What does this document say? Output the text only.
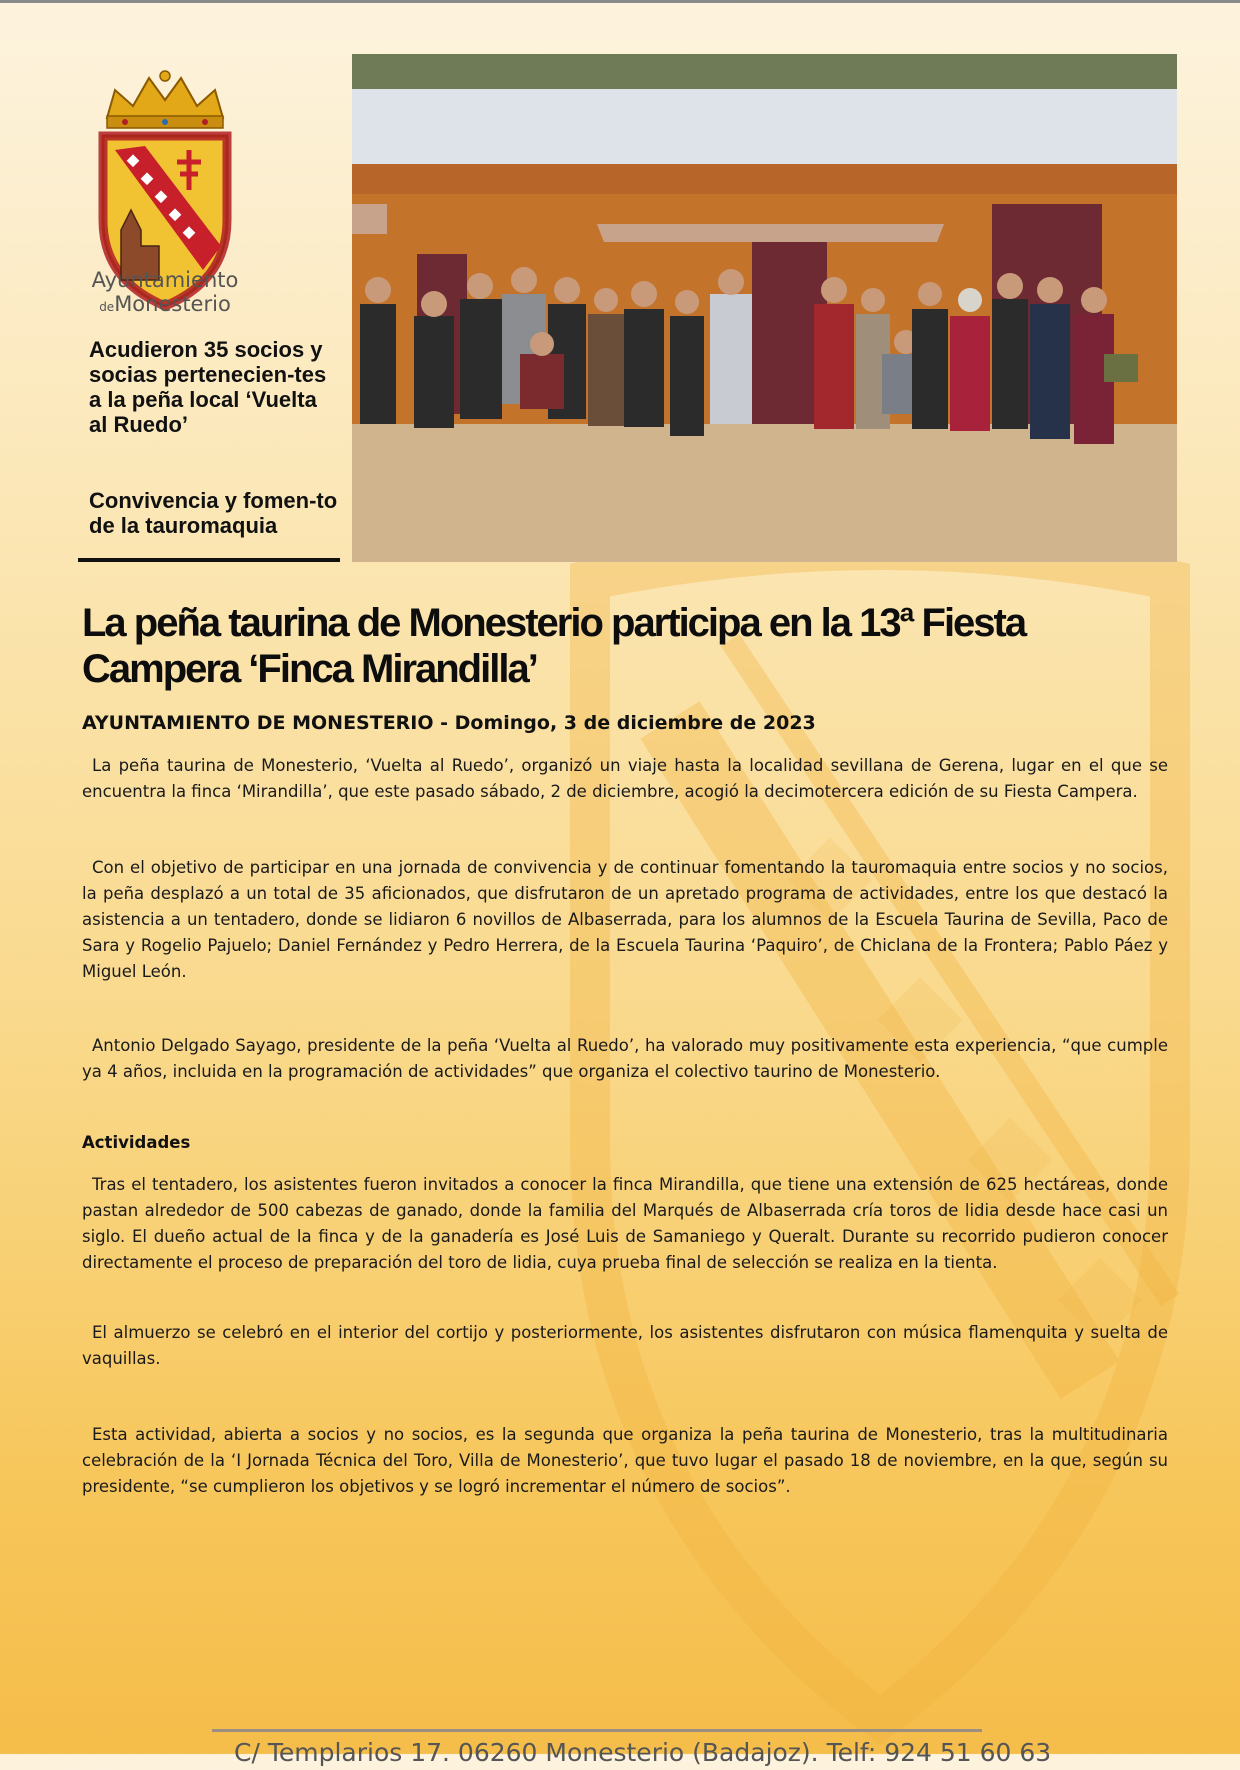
Ayuntamiento
deMonesterio
Acudieron 35 socios y socias pertenecien-tes a la peña local ‘Vuelta al Ruedo’
Convivencia y fomen-to de la tauromaquia
La peña taurina de Monesterio participa en la 13ª Fiesta Campera ‘Finca Mirandilla’
AYUNTAMIENTO DE MONESTERIO - Domingo, 3 de diciembre de 2023

La peña taurina de Monesterio, ‘Vuelta al Ruedo’, organizó un viaje hasta la localidad sevillana de Gerena, lugar en el que se encuentra la finca ‘Mirandilla’, que este pasado sábado, 2 de diciembre, acogió la decimotercera edición de su Fiesta Campera.

Con el objetivo de participar en una jornada de convivencia y de continuar fomentando la tauromaquia entre socios y no socios, la peña desplazó a un total de 35 aficionados, que disfrutaron de un apretado programa de actividades, entre los que destacó la asistencia a un tentadero, donde se lidiaron 6 novillos de Albaserrada, para los alumnos de la Escuela Taurina de Sevilla, Paco de Sara y Rogelio Pajuelo; Daniel Fernández y Pedro Herrera, de la Escuela Taurina ‘Paquiro’, de Chiclana de la Frontera; Pablo Páez y Miguel León.

Antonio Delgado Sayago, presidente de la peña ‘Vuelta al Ruedo’, ha valorado muy positivamente esta experiencia, “que cumple ya 4 años, incluida en la programación de actividades” que organiza el colectivo taurino de Monesterio.

Actividades

Tras el tentadero, los asistentes fueron invitados a conocer la finca Mirandilla, que tiene una extensión de 625 hectáreas, donde pastan alrededor de 500 cabezas de ganado, donde la familia del Marqués de Albaserrada cría toros de lidia desde hace casi un siglo. El dueño actual de la finca y de la ganadería es José Luis de Samaniego y Queralt. Durante su recorrido pudieron conocer directamente el proceso de preparación del toro de lidia, cuya prueba final de selección se realiza en la tienta.

El almuerzo se celebró en el interior del cortijo y posteriormente, los asistentes disfrutaron con música flamenquita y suelta de vaquillas.

Esta actividad, abierta a socios y no socios, es la segunda que organiza la peña taurina de Monesterio, tras la multitudinaria celebración de la ‘I Jornada Técnica del Toro, Villa de Monesterio’, que tuvo lugar el pasado 18 de noviembre, en la que, según su presidente, “se cumplieron los objetivos y se logró incrementar el número de socios”.

C/ Templarios 17. 06260 Monesterio (Badajoz). Telf: 924 51 60 63
